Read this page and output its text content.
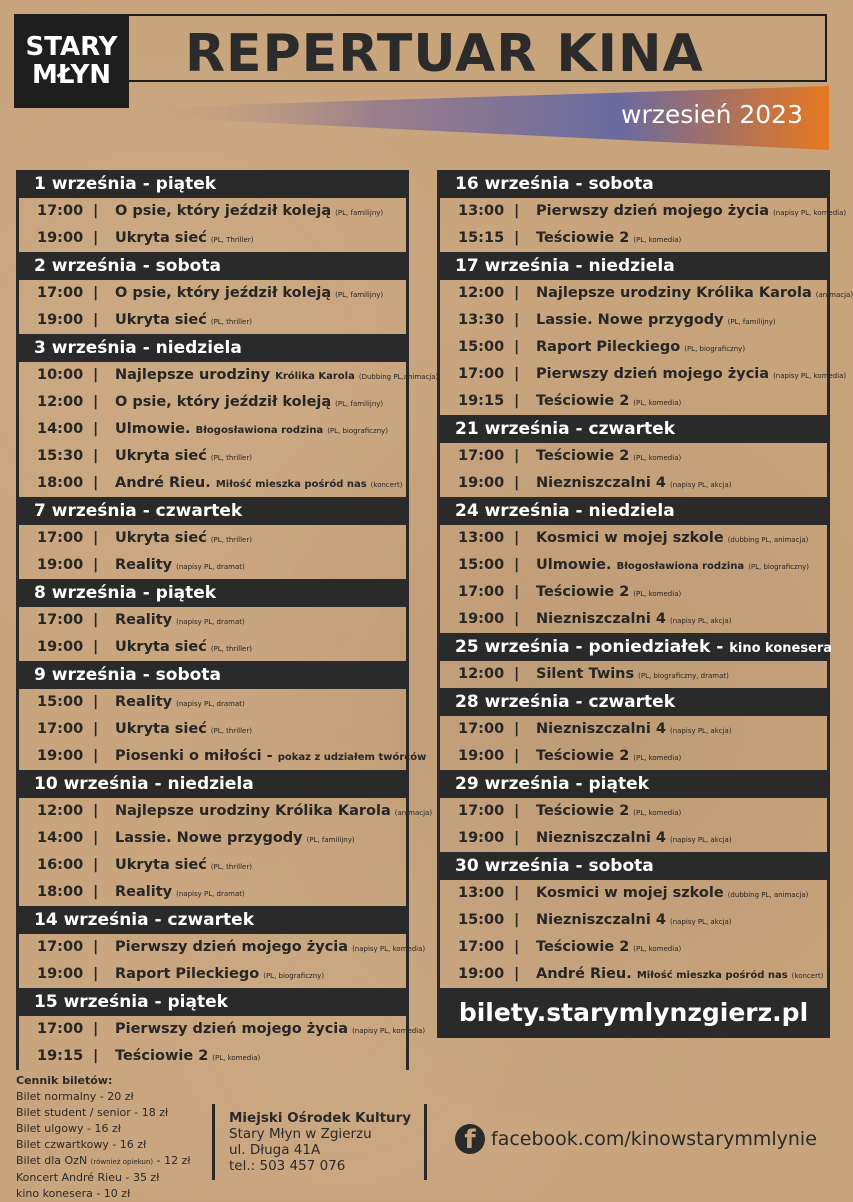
STARY
MŁYN REPERTUAR KINA
wrzesień 2023
1 września - piątek
17:00 | O psie, który jeździł koleją (PL, familijny)
19:00 | Ukryta sieć (PL, Thriller)
2 września - sobota
17:00 | O psie, który jeździł koleją (PL, familijny)
19:00 | Ukryta sieć (PL, thriller)
3 września - niedziela
10:00 | Najlepsze urodziny Królika Karola (Dubbing PL,animacja)
12:00 | O psie, który jeździł koleją (PL, familijny)
14:00 | Ulmowie. Błogosławiona rodzina (PL, biograficzny)
15:30 | Ukryta sieć (PL, thriller)
18:00 | André Rieu. Miłość mieszka pośród nas (koncert)
7 września - czwartek
17:00 | Ukryta sieć (PL, thriller)
19:00 | Reality (napisy PL, dramat)
8 września - piątek
17:00 | Reality (napisy PL, dramat)
19:00 | Ukryta sieć (PL, thriller)
9 września - sobota
15:00 | Reality (napisy PL, dramat)
17:00 | Ukryta sieć (PL, thriller)
19:00 | Piosenki o miłości - pokaz z udziałem twórców
10 września - niedziela
12:00 | Najlepsze urodziny Królika Karola (animacja)
14:00 | Lassie. Nowe przygody (PL, familijny)
16:00 | Ukryta sieć (PL, thriller)
18:00 | Reality (napisy PL, dramat)
14 września - czwartek
17:00 | Pierwszy dzień mojego życia (napisy PL, komedia)
19:00 | Raport Pileckiego (PL, biograficzny)
15 września - piątek
17:00 | Pierwszy dzień mojego życia (napisy PL, komedia)
19:15 | Teściowie 2 (PL, komedia)
16 września - sobota
13:00 | Pierwszy dzień mojego życia (napisy PL, komedia)
15:15 | Teściowie 2 (PL, komedia)
17 września - niedziela
12:00 | Najlepsze urodziny Królika Karola (animacja)
13:30 | Lassie. Nowe przygody (PL, familijny)
15:00 | Raport Pileckiego (PL, biograficzny)
17:00 | Pierwszy dzień mojego życia (napisy PL, komedia)
19:15 | Teściowie 2 (PL, komedia)
21 września - czwartek
17:00 | Teściowie 2 (PL, komedia)
19:00 | Niezniszczalni 4 (napisy PL, akcja)
24 września - niedziela
13:00 | Kosmici w mojej szkole (dubbing PL, animacja)
15:00 | Ulmowie. Błogosławiona rodzina (PL, biograficzny)
17:00 | Teściowie 2 (PL, komedia)
19:00 | Niezniszczalni 4 (napisy PL, akcja)
25 września - poniedziałek - kino konesera
12:00 | Silent Twins (PL, biograficzny, dramat)
28 września - czwartek
17:00 | Niezniszczalni 4 (napisy PL, akcja)
19:00 | Teściowie 2 (PL, komedia)
29 września - piątek
17:00 | Teściowie 2 (PL, komedia)
19:00 | Niezniszczalni 4 (napisy PL, akcja)
30 września - sobota
13:00 | Kosmici w mojej szkole (dubbing PL, animacja)
15:00 | Niezniszczalni 4 (napisy PL, akcja)
17:00 | Teściowie 2 (PL, komedia)
19:00 | André Rieu. Miłość mieszka pośród nas (koncert)
bilety.starymlynzgierz.pl
Cennik biletów:
Bilet normalny - 20 zł
Bilet student / senior - 18 zł
Bilet ulgowy - 16 zł
Bilet czwartkowy - 16 zł
Bilet dla OzN (również opiekun) - 12 zł
Koncert André Rieu - 35 zł
kino konesera - 10 zł
Miejski Ośrodek Kultury
Stary Młyn w Zgierzu
ul. Długa 41A
tel.: 503 457 076
f facebook.com/kinowstarymmlynie
